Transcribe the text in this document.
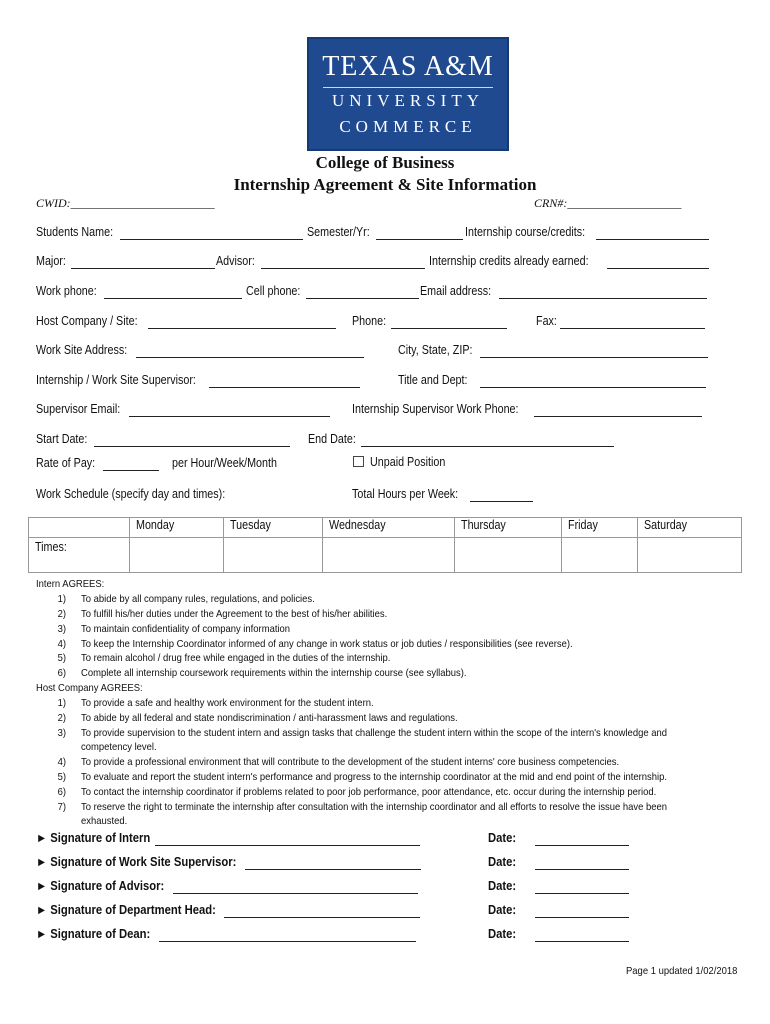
TEXAS A&M
UNIVERSITY
COMMERCE
College of Business
Internship Agreement & Site Information
CWID:________________________	CRN#:___________________
Students Name:	Semester/Yr:	Internship course/credits:
Major:	Advisor:	Internship credits already earned:
Work phone:	Cell phone:	Email address:
Host Company / Site:	Phone:	Fax:
Work Site Address:	City, State, ZIP:
Internship / Work Site Supervisor:	Title and Dept:
Supervisor Email:	Internship Supervisor Work Phone:
Start Date:	End Date:
Rate of Pay:	per Hour/Week/Month	Unpaid Position
Work Schedule (specify day and times):	Total Hours per Week:
	Monday	Tuesday	Wednesday	Thursday	Friday	Saturday
Times:						
Intern AGREES:
1) To abide by all company rules, regulations, and policies.
2) To fulfill his/her duties under the Agreement to the best of his/her abilities.
3) To maintain confidentiality of company information
4) To keep the Internship Coordinator informed of any change in work status or job duties / responsibilities (see reverse).
5) To remain alcohol / drug free while engaged in the duties of the internship.
6) Complete all internship coursework requirements within the internship course (see syllabus).
Host Company AGREES:
1) To provide a safe and healthy work environment for the student intern.
2) To abide by all federal and state nondiscrimination / anti-harassment laws and regulations.
3) To provide supervision to the student intern and assign tasks that challenge the student intern within the scope of the intern's knowledge and
competency level.
4) To provide a professional environment that will contribute to the development of the student interns' core business competencies.
5) To evaluate and report the student intern's performance and progress to the internship coordinator at the mid and end point of the internship.
6) To contact the internship coordinator if problems related to poor job performance, poor attendance, etc. occur during the internship period.
7) To reserve the right to terminate the internship after consultation with the internship coordinator and all efforts to resolve the issue have been
exhausted.
► Signature of Intern	Date:
► Signature of Work Site Supervisor:	Date:
► Signature of Advisor:	Date:
► Signature of Department Head:	Date:
► Signature of Dean:	Date:
Page 1 updated 1/02/2018
